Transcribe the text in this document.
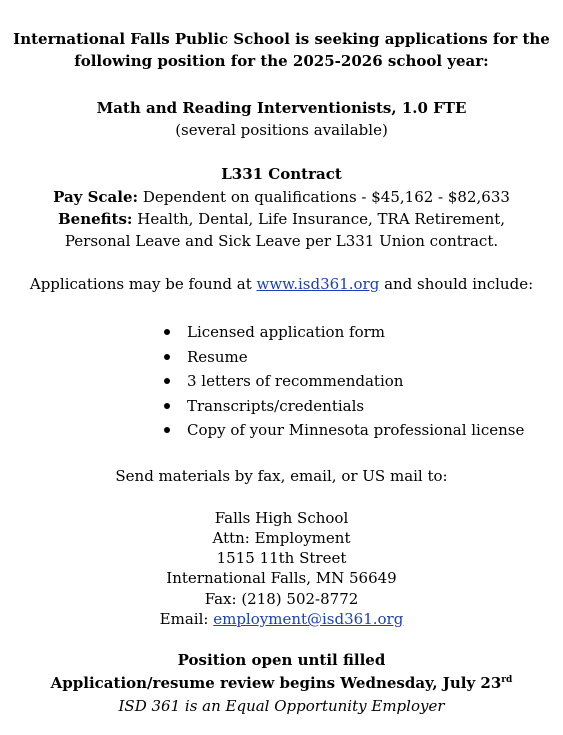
International Falls Public School is seeking applications for the
following position for the 2025-2026 school year:
Math and Reading Interventionists, 1.0 FTE
(several positions available)
L331 Contract
Pay Scale: Dependent on qualifications - $45,162 - $82,633
Benefits: Health, Dental, Life Insurance, TRA Retirement,
Personal Leave and Sick Leave per L331 Union contract.
Applications may be found at www.isd361.org and should include:
Licensed application form
Resume
3 letters of recommendation
Transcripts/credentials
Copy of your Minnesota professional license
Send materials by fax, email, or US mail to:
Falls High School
Attn: Employment
1515 11th Street
International Falls, MN 56649
Fax: (218) 502-8772
Email: employment@isd361.org
Position open until filled
Application/resume review begins Wednesday, July 23rd
ISD 361 is an Equal Opportunity Employer
